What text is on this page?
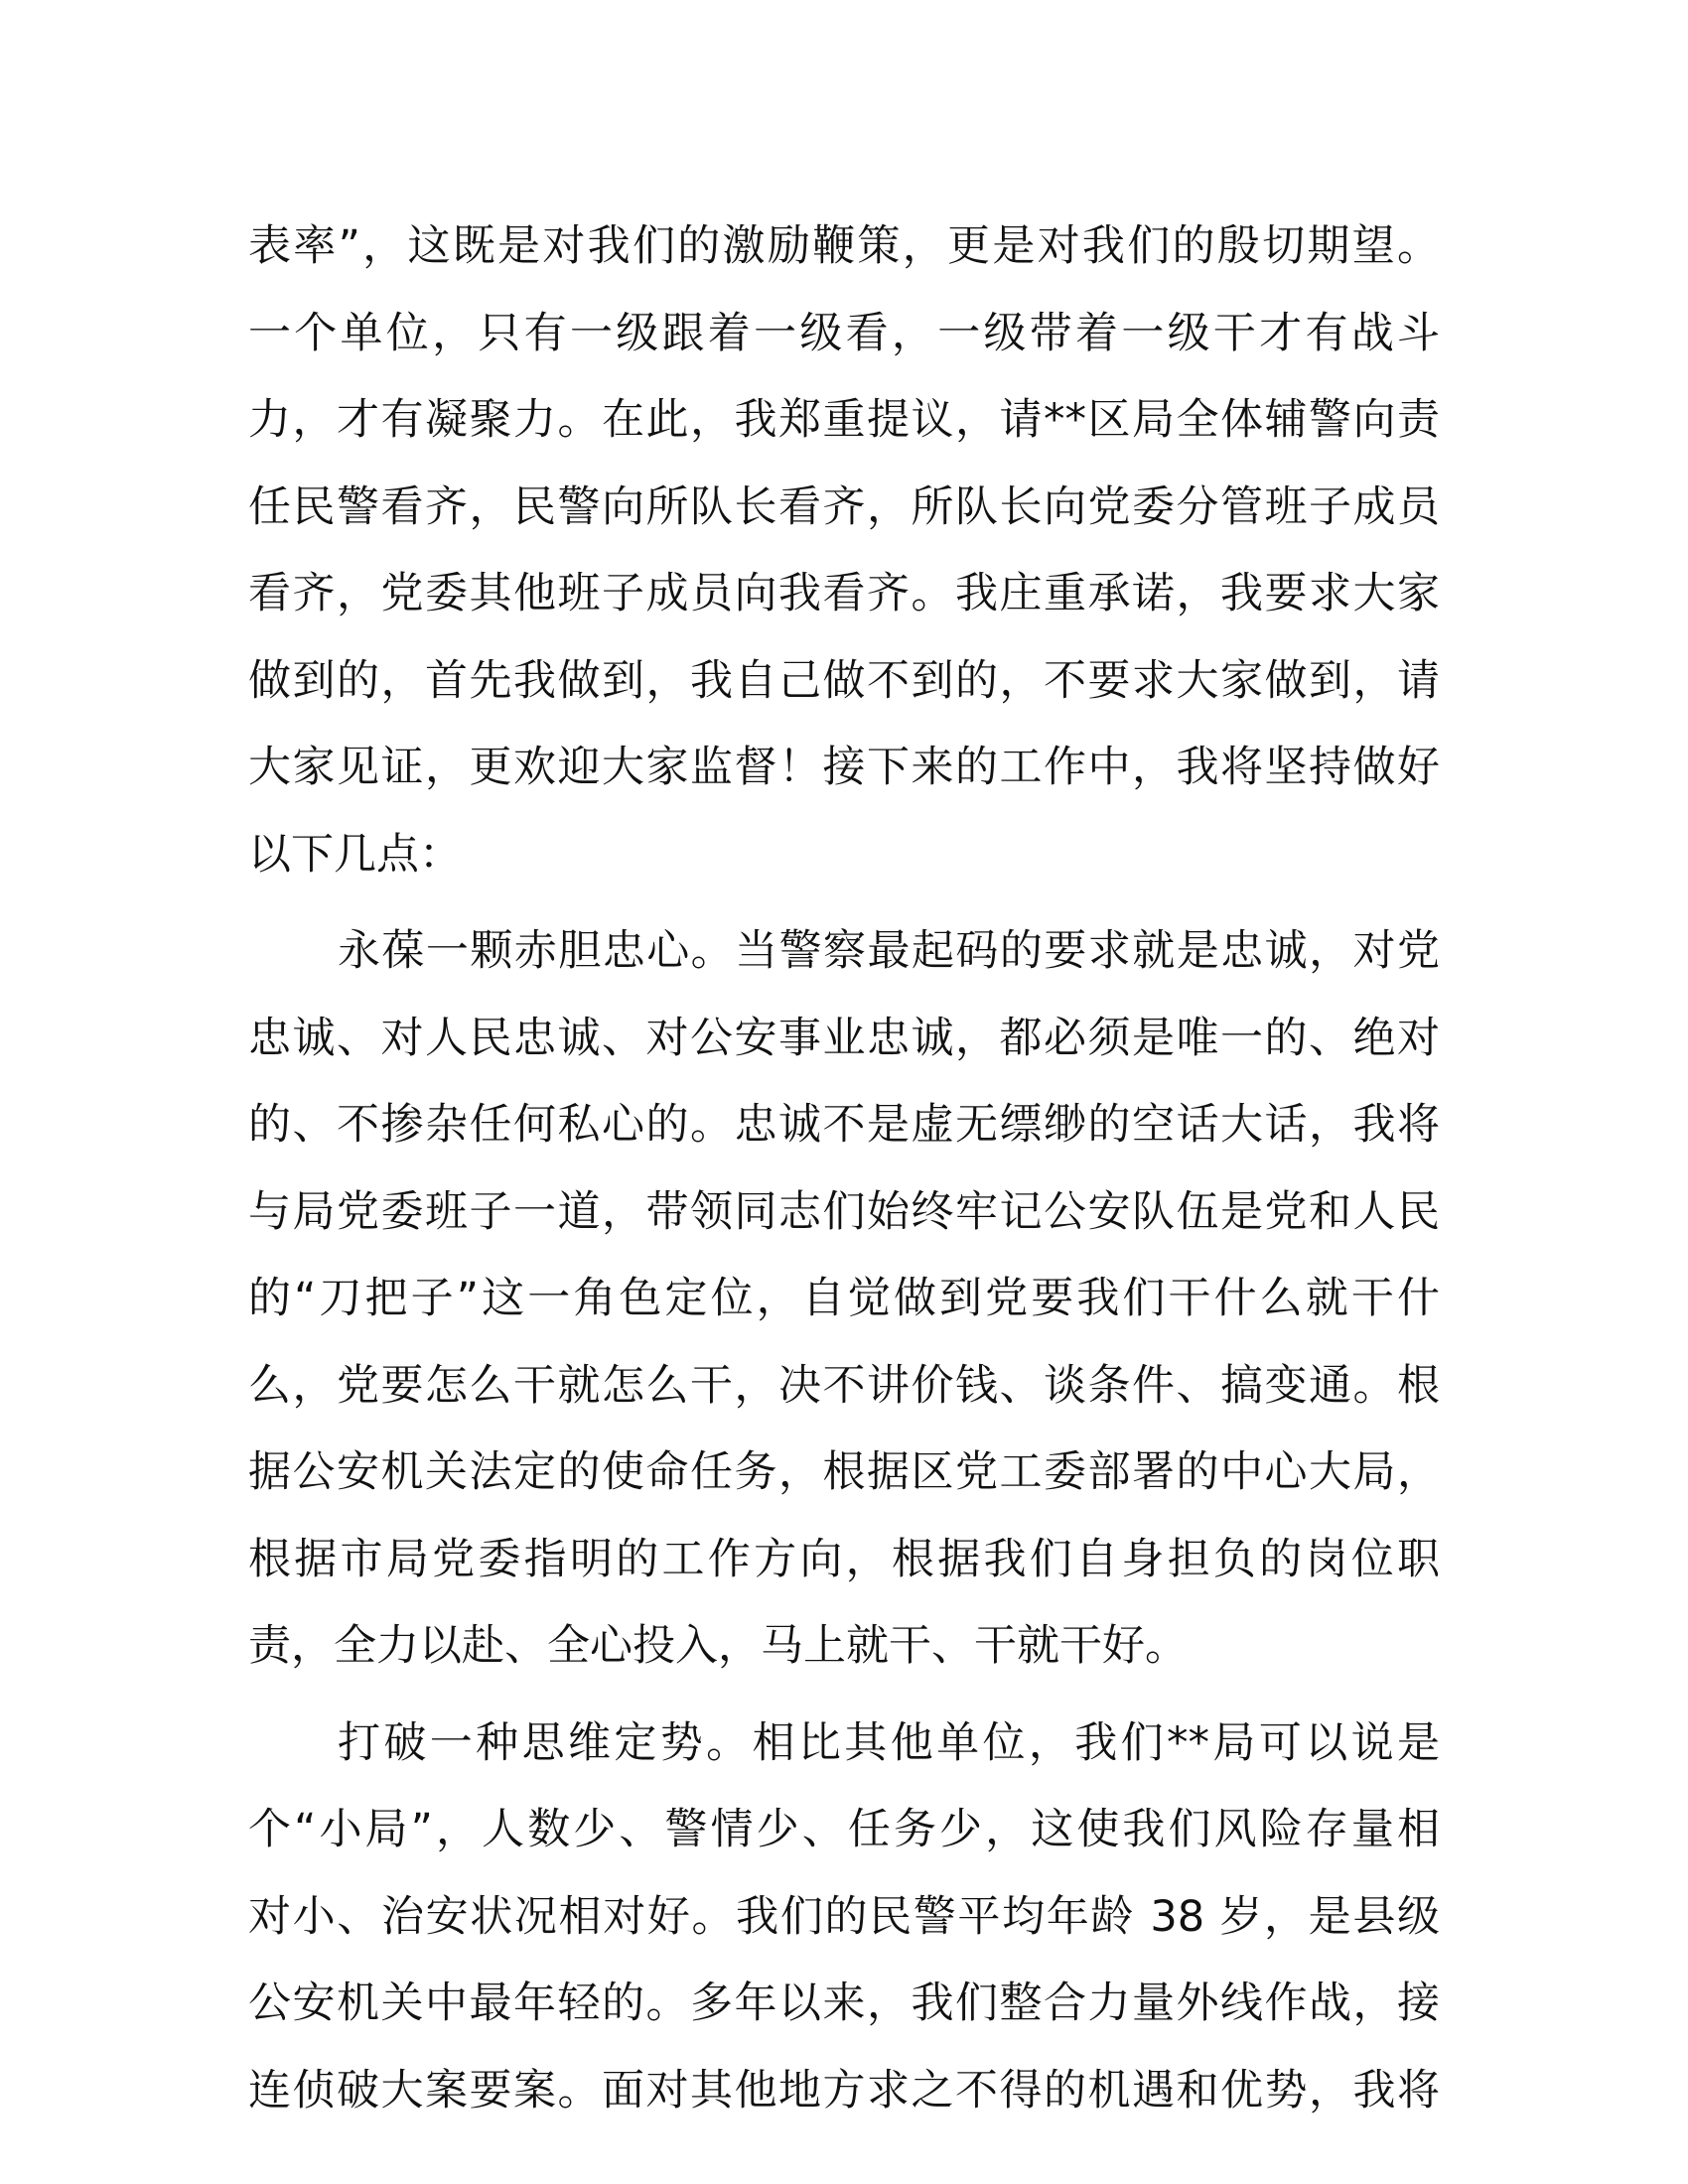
表率”，这既是对我们的激励鞭策，更是对我们的殷切期望。
一个单位，只有一级跟着一级看，一级带着一级干才有战斗
力，才有凝聚力。在此，我郑重提议，请**区局全体辅警向责
任民警看齐，民警向所队长看齐，所队长向党委分管班子成员
看齐，党委其他班子成员向我看齐。我庄重承诺，我要求大家
做到的，首先我做到，我自己做不到的，不要求大家做到，请
大家见证，更欢迎大家监督！接下来的工作中，我将坚持做好
以下几点：
永葆一颗赤胆忠心。当警察最起码的要求就是忠诚，对党
忠诚、对人民忠诚、对公安事业忠诚，都必须是唯一的、绝对
的、不掺杂任何私心的。忠诚不是虚无缥缈的空话大话，我将
与局党委班子一道，带领同志们始终牢记公安队伍是党和人民
的“刀把子”这一角色定位，自觉做到党要我们干什么就干什
么，党要怎么干就怎么干，决不讲价钱、谈条件、搞变通。根
据公安机关法定的使命任务，根据区党工委部署的中心大局，
根据市局党委指明的工作方向，根据我们自身担负的岗位职
责，全力以赴、全心投入，马上就干、干就干好。
打破一种思维定势。相比其他单位，我们**局可以说是
个“小局”，人数少、警情少、任务少，这使我们风险存量相
对小、治安状况相对好。我们的民警平均年龄 38 岁，是县级
公安机关中最年轻的。多年以来，我们整合力量外线作战，接
连侦破大案要案。面对其他地方求之不得的机遇和优势，我将
